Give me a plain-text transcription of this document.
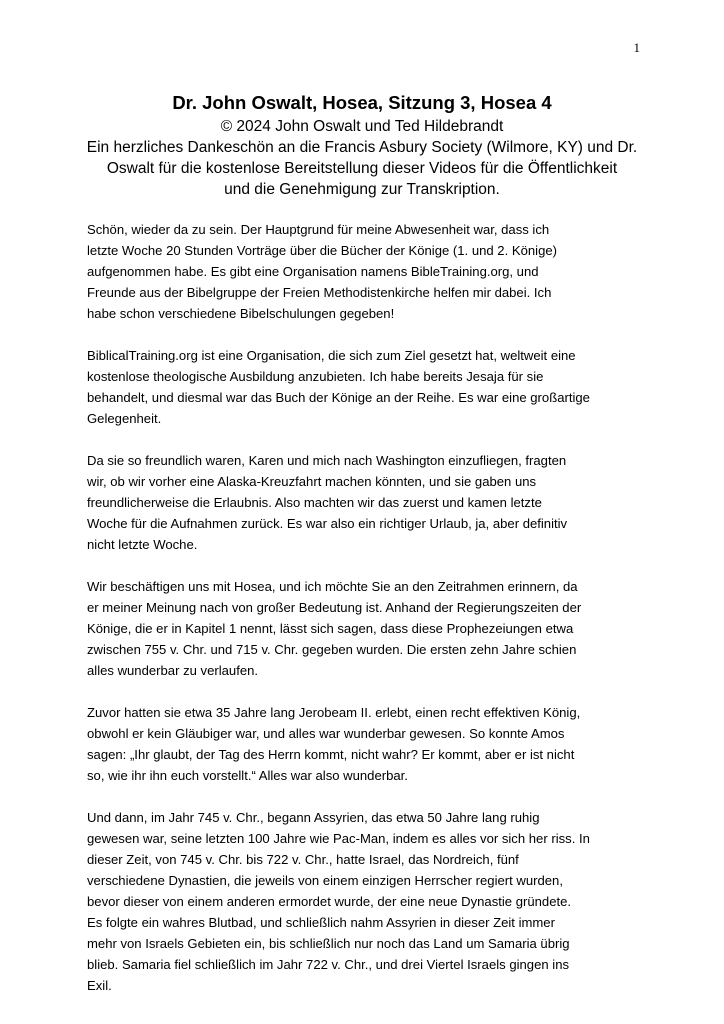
1
Dr. John Oswalt, Hosea, Sitzung 3, Hosea 4
© 2024 John Oswalt und Ted Hildebrandt
Ein herzliches Dankeschön an die Francis Asbury Society (Wilmore, KY) und Dr.
Oswalt für die kostenlose Bereitstellung dieser Videos für die Öffentlichkeit
und die Genehmigung zur Transkription.

Schön, wieder da zu sein. Der Hauptgrund für meine Abwesenheit war, dass ich
letzte Woche 20 Stunden Vorträge über die Bücher der Könige (1. und 2. Könige)
aufgenommen habe. Es gibt eine Organisation namens BibleTraining.org, und
Freunde aus der Bibelgruppe der Freien Methodistenkirche helfen mir dabei. Ich
habe schon verschiedene Bibelschulungen gegeben!

BiblicalTraining.org ist eine Organisation, die sich zum Ziel gesetzt hat, weltweit eine
kostenlose theologische Ausbildung anzubieten. Ich habe bereits Jesaja für sie
behandelt, und diesmal war das Buch der Könige an der Reihe. Es war eine großartige
Gelegenheit.

Da sie so freundlich waren, Karen und mich nach Washington einzufliegen, fragten
wir, ob wir vorher eine Alaska-Kreuzfahrt machen könnten, und sie gaben uns
freundlicherweise die Erlaubnis. Also machten wir das zuerst und kamen letzte
Woche für die Aufnahmen zurück. Es war also ein richtiger Urlaub, ja, aber definitiv
nicht letzte Woche.

Wir beschäftigen uns mit Hosea, und ich möchte Sie an den Zeitrahmen erinnern, da
er meiner Meinung nach von großer Bedeutung ist. Anhand der Regierungszeiten der
Könige, die er in Kapitel 1 nennt, lässt sich sagen, dass diese Prophezeiungen etwa
zwischen 755 v. Chr. und 715 v. Chr. gegeben wurden. Die ersten zehn Jahre schien
alles wunderbar zu verlaufen.

Zuvor hatten sie etwa 35 Jahre lang Jerobeam II. erlebt, einen recht effektiven König,
obwohl er kein Gläubiger war, und alles war wunderbar gewesen. So konnte Amos
sagen: „Ihr glaubt, der Tag des Herrn kommt, nicht wahr? Er kommt, aber er ist nicht
so, wie ihr ihn euch vorstellt.“ Alles war also wunderbar.

Und dann, im Jahr 745 v. Chr., begann Assyrien, das etwa 50 Jahre lang ruhig
gewesen war, seine letzten 100 Jahre wie Pac-Man, indem es alles vor sich her riss. In
dieser Zeit, von 745 v. Chr. bis 722 v. Chr., hatte Israel, das Nordreich, fünf
verschiedene Dynastien, die jeweils von einem einzigen Herrscher regiert wurden,
bevor dieser von einem anderen ermordet wurde, der eine neue Dynastie gründete.
Es folgte ein wahres Blutbad, und schließlich nahm Assyrien in dieser Zeit immer
mehr von Israels Gebieten ein, bis schließlich nur noch das Land um Samaria übrig
blieb. Samaria fiel schließlich im Jahr 722 v. Chr., und drei Viertel Israels gingen ins
Exil.
